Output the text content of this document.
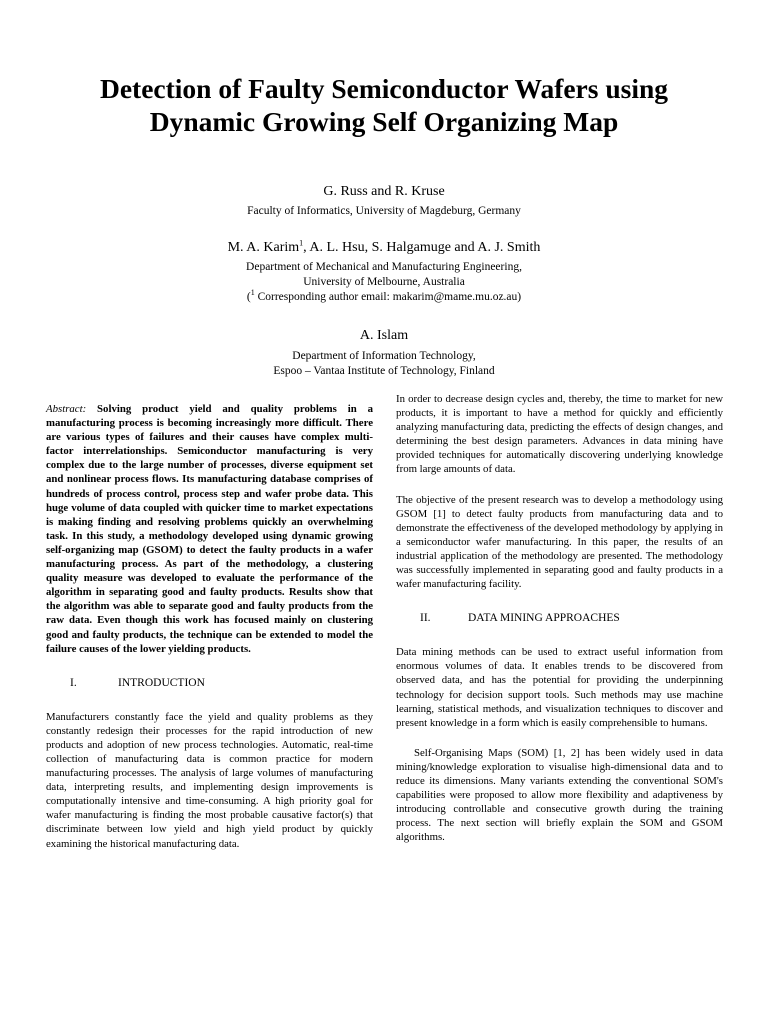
Detection of Faulty Semiconductor Wafers using
Dynamic Growing Self Organizing Map
G. Russ and R. Kruse
Faculty of Informatics, University of Magdeburg, Germany
M. A. Karim$^1$, A. L. Hsu, S. Halgamuge and A. J. Smith
Department of Mechanical and Manufacturing Engineering,
University of Melbourne, Australia
($^1$ Corresponding author email: makarim@mame.mu.oz.au)
A. Islam
Department of Information Technology,
Espoo – Vantaa Institute of Technology, Finland

Abstract: Solving product yield and quality problems in a manufacturing process is becoming increasingly more difficult. There are various types of failures and their causes have complex multi-factor interrelationships. Semiconductor manufacturing is very complex due to the large number of processes, diverse equipment set and nonlinear process flows. Its manufacturing database comprises of hundreds of process control, process step and wafer probe data. This huge volume of data coupled with quicker time to market expectations is making finding and resolving problems quickly an overwhelming task. In this study, a methodology developed using dynamic growing self-organizing map (GSOM) to detect the faulty products in a wafer manufacturing process. As part of the methodology, a clustering quality measure was developed to evaluate the performance of the algorithm in separating good and faulty products. Results show that the algorithm was able to separate good and faulty products from the raw data. Even though this work has focused mainly on clustering good and faulty products, the technique can be extended to model the failure causes of the lower yielding products.

I.	INTRODUCTION

Manufacturers constantly face the yield and quality problems as they constantly redesign their processes for the rapid introduction of new products and adoption of new process technologies. Automatic, real-time collection of manufacturing data is common practice for modern manufacturing processes. The analysis of large volumes of manufacturing data, interpreting results, and implementing design improvements is computationally intensive and time-consuming. A high priority goal for wafer manufacturing is finding the most probable causative factor(s) that discriminate between low yield and high yield product by quickly examining the historical manufacturing data.

In order to decrease design cycles and, thereby, the time to market for new products, it is important to have a method for quickly and efficiently analyzing manufacturing data, predicting the effects of design changes, and determining the best design parameters. Advances in data mining have provided techniques for automatically discovering underlying knowledge from large amounts of data.

The objective of the present research was to develop a methodology using GSOM [1] to detect faulty products from manufacturing data and to demonstrate the effectiveness of the developed methodology by applying in a semiconductor wafer manufacturing. In this paper, the results of an industrial application of the methodology are presented. The methodology was successfully implemented in separating good and faulty products in a wafer manufacturing facility.

II.	DATA MINING APPROACHES

Data mining methods can be used to extract useful information from enormous volumes of data. It enables trends to be discovered from observed data, and has the potential for providing the underpinning technology for decision support tools. Such methods may use machine learning, statistical methods, and visualization techniques to discover and present knowledge in a form which is easily comprehensible to humans.

Self-Organising Maps (SOM) [1, 2] has been widely used in data mining/knowledge exploration to visualise high-dimensional data and to reduce its dimensions. Many variants extending the conventional SOM's capabilities were proposed to allow more flexibility and adaptiveness by introducing controllable and consecutive growth during the training process. The next section will briefly explain the SOM and GSOM algorithms.
